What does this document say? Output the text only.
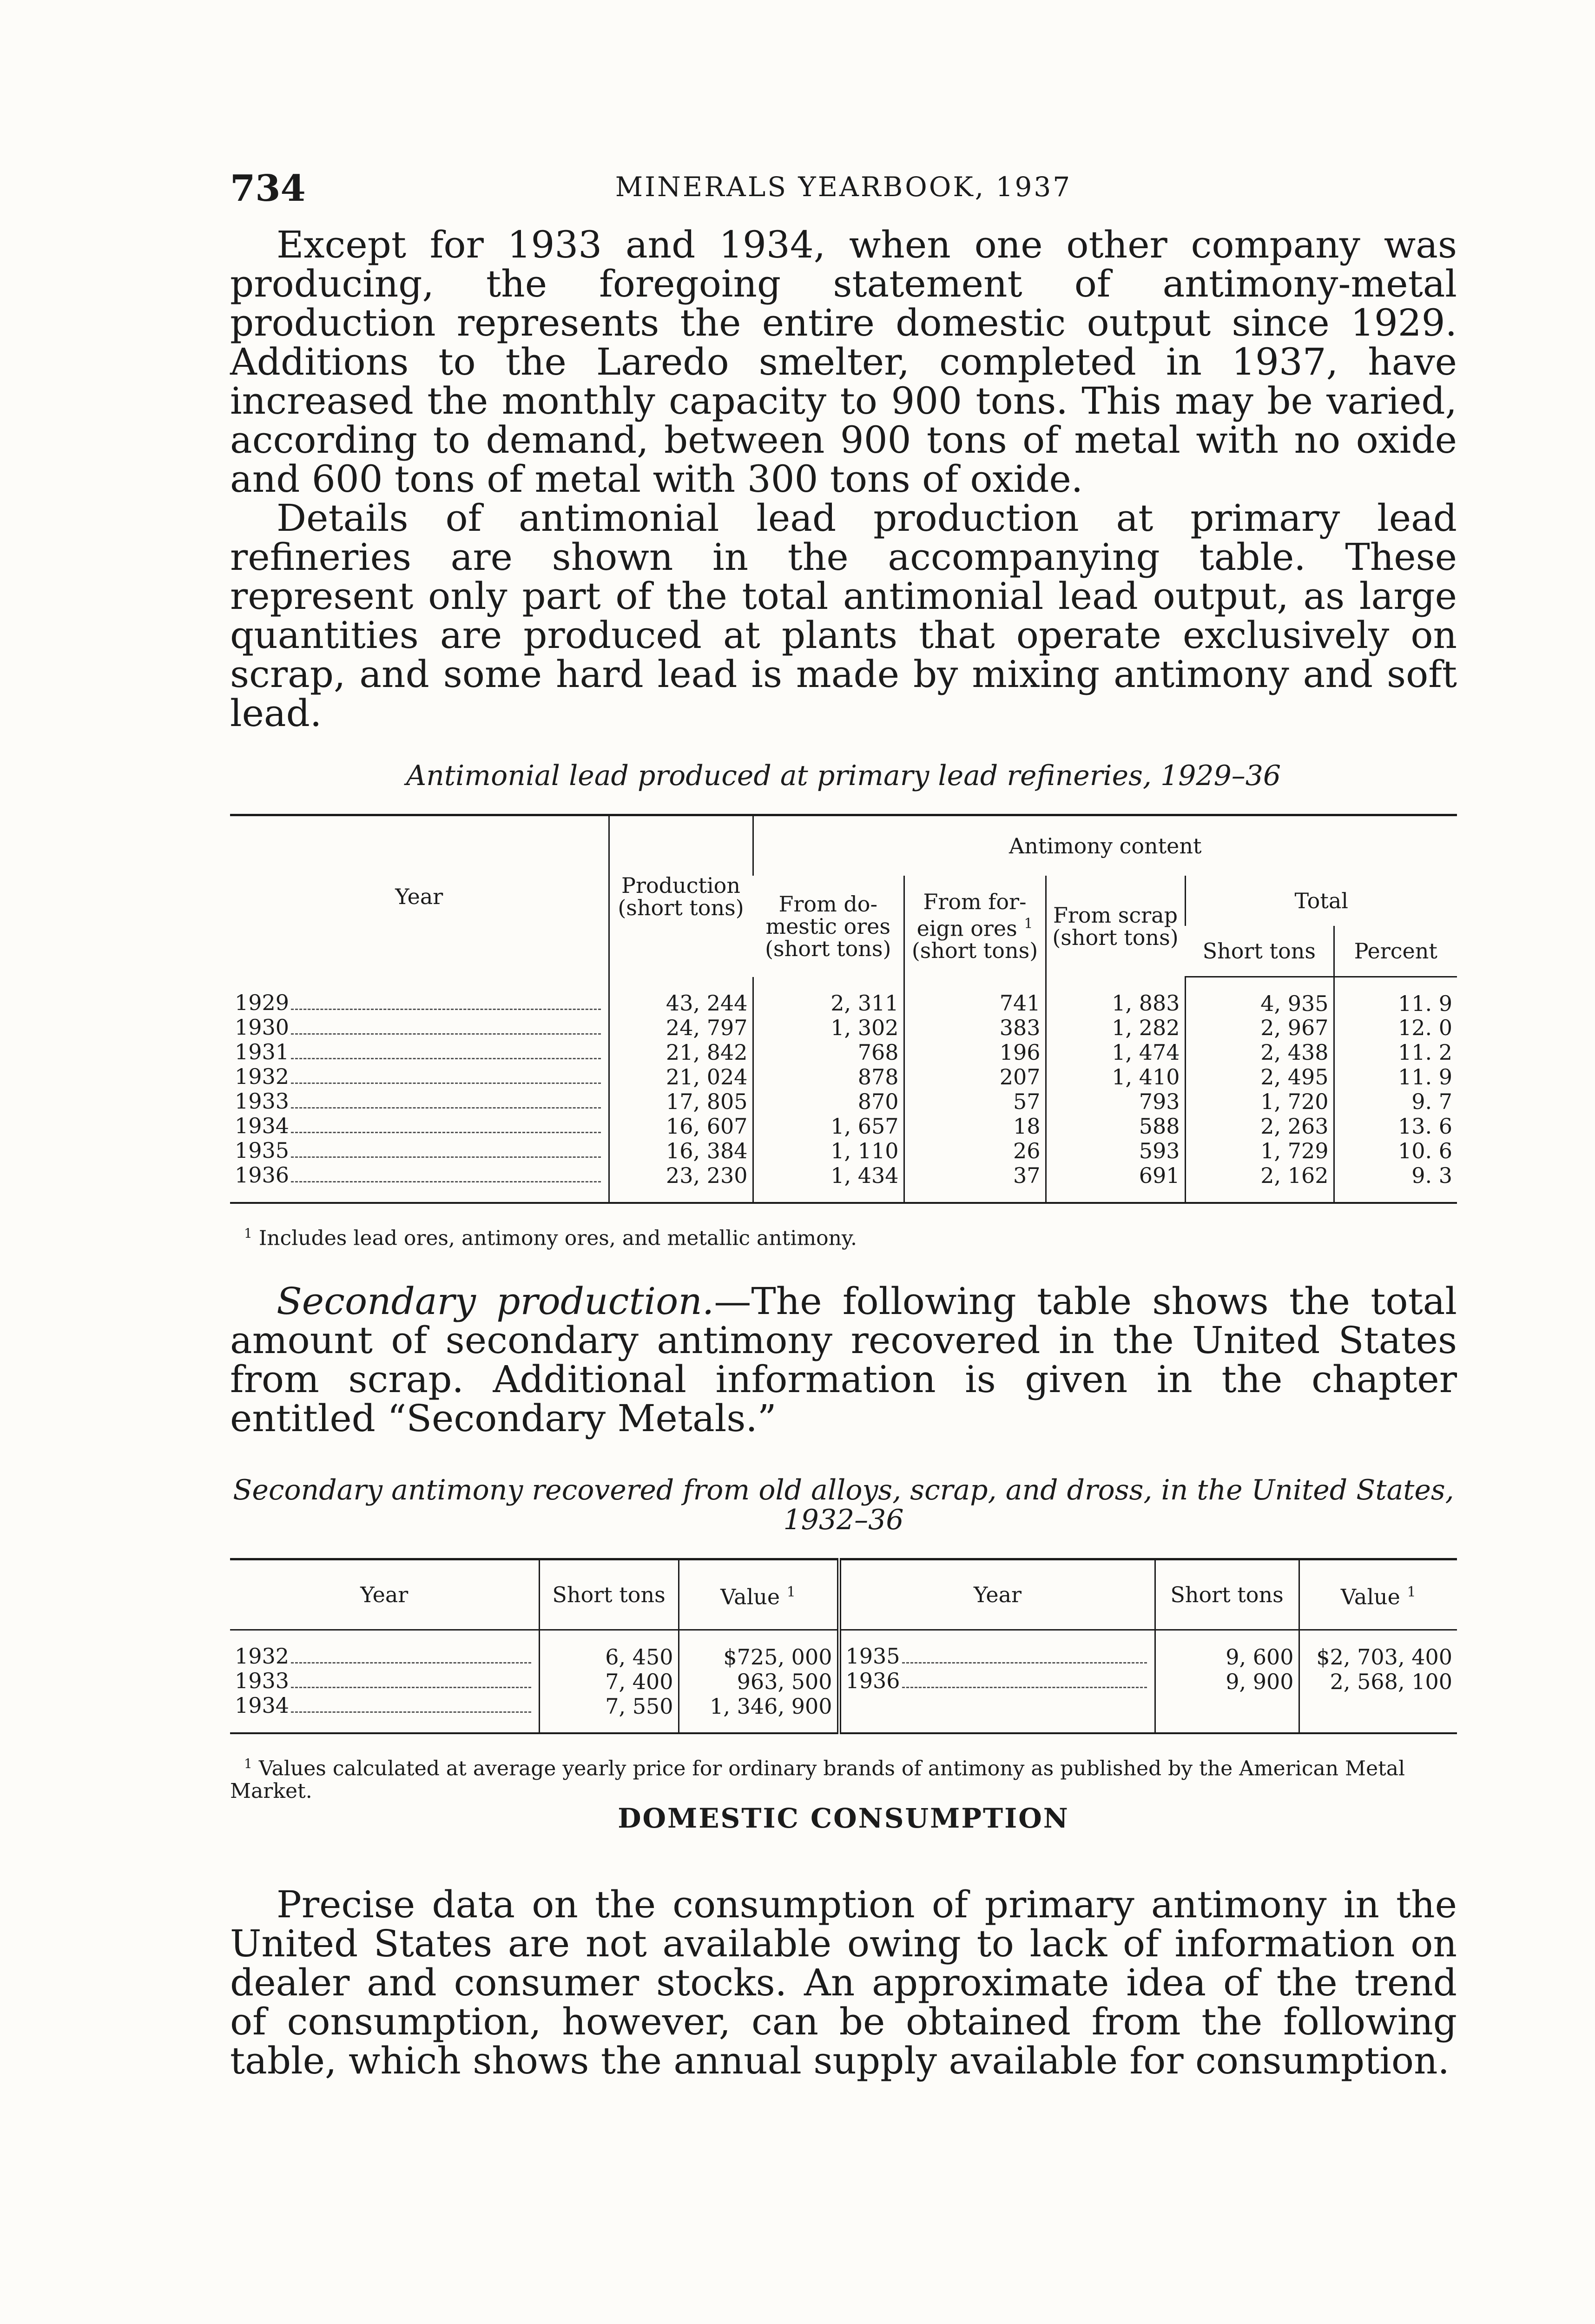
734	MINERALS YEARBOOK, 1937

Except for 1933 and 1934, when one other company was producing, the foregoing statement of antimony-metal production represents the entire domestic output since 1929. Additions to the Laredo smelter, completed in 1937, have increased the monthly capacity to 900 tons. This may be varied, according to demand, between 900 tons of metal with no oxide and 600 tons of metal with 300 tons of oxide.

Details of antimonial lead production at primary lead refineries are shown in the accompanying table. These represent only part of the total antimonial lead output, as large quantities are produced at plants that operate exclusively on scrap, and some hard lead is made by mixing antimony and soft lead.

Antimonial lead produced at primary lead refineries, 1929–36

Year	Production (short tons)	Antimony content				
		From do- mestic ores (short tons)	From for- eign ores $^1$ (short tons)	From scrap (short tons)	Total	
					Short tons	Percent

1929	43, 244	2, 311	741	1, 883	4, 935	11. 9

1930	24, 797	1, 302	383	1, 282	2, 967	12. 0

1931	21, 842	768	196	1, 474	2, 438	11. 2

1932	21, 024	878	207	1, 410	2, 495	11. 9

1933	17, 805	870	57	793	1, 720	9. 7

1934	16, 607	1, 657	18	588	2, 263	13. 6

1935	16, 384	1, 110	26	593	1, 729	10. 6

1936	23, 230	1, 434	37	691	2, 162	9. 3

$^1$ Includes lead ores, antimony ores, and metallic antimony.

Secondary production.—The following table shows the total amount of secondary antimony recovered in the United States from scrap. Additional information is given in the chapter entitled “Secondary Metals.”

Secondary antimony recovered from old alloys, scrap, and dross, in the United States,
1932–36

Year	Short tons	Value $^1$	Year	Short tons	Value $^1$

1932	6, 450	$725, 000	1935	9, 600	$2, 703, 400

1933	7, 400	963, 500	1936	9, 900	2, 568, 100

1934	7, 550	1, 346, 900			

$^1$ Values calculated at average yearly price for ordinary brands of antimony as published by the American Metal Market.

DOMESTIC CONSUMPTION

Precise data on the consumption of primary antimony in the United States are not available owing to lack of information on dealer and consumer stocks. An approximate idea of the trend of consumption, however, can be obtained from the following table, which shows the annual supply available for consumption.
